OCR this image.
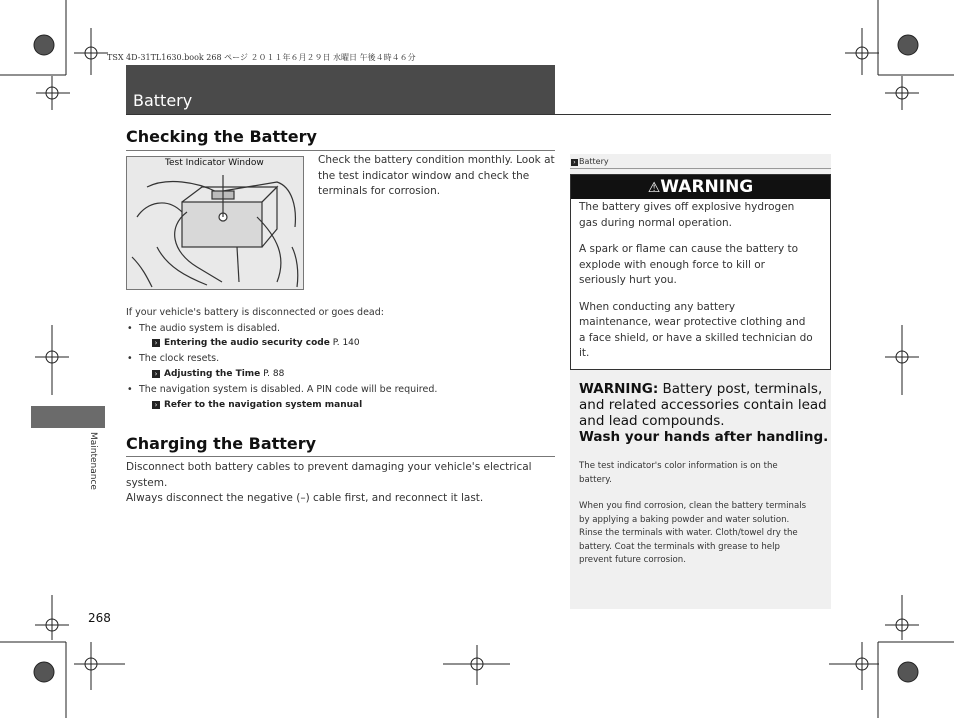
TSX 4D-31TL1630.book 268 ページ ２０１１年６月２９日 水曜日 午後４時４６分
Battery
Checking the Battery
Test Indicator Window	Check the battery condition monthly. Look at
the test indicator window and check the
terminals for corrosion.
If your vehicle's battery is disconnected or goes dead:
• The audio system is disabled.
› Entering the audio security code P. 140
• The clock resets.
› Adjusting the Time P. 88
• The navigation system is disabled. A PIN code will be required.
› Refer to the navigation system manual
Charging the Battery
Disconnect both battery cables to prevent damaging your vehicle's electrical system.
Always disconnect the negative (–) cable first, and reconnect it last.
› Battery
⚠WARNING
The battery gives off explosive hydrogen
gas during normal operation.
A spark or flame can cause the battery to
explode with enough force to kill or
seriously hurt you.
When conducting any battery
maintenance, wear protective clothing and
a face shield, or have a skilled technician do
it.
WARNING: Battery post, terminals,
and related accessories contain lead
and lead compounds.
Wash your hands after handling.
The test indicator's color information is on the
battery.
When you find corrosion, clean the battery terminals
by applying a baking powder and water solution.
Rinse the terminals with water. Cloth/towel dry the
battery. Coat the terminals with grease to help
prevent future corrosion.
Maintenance
268
